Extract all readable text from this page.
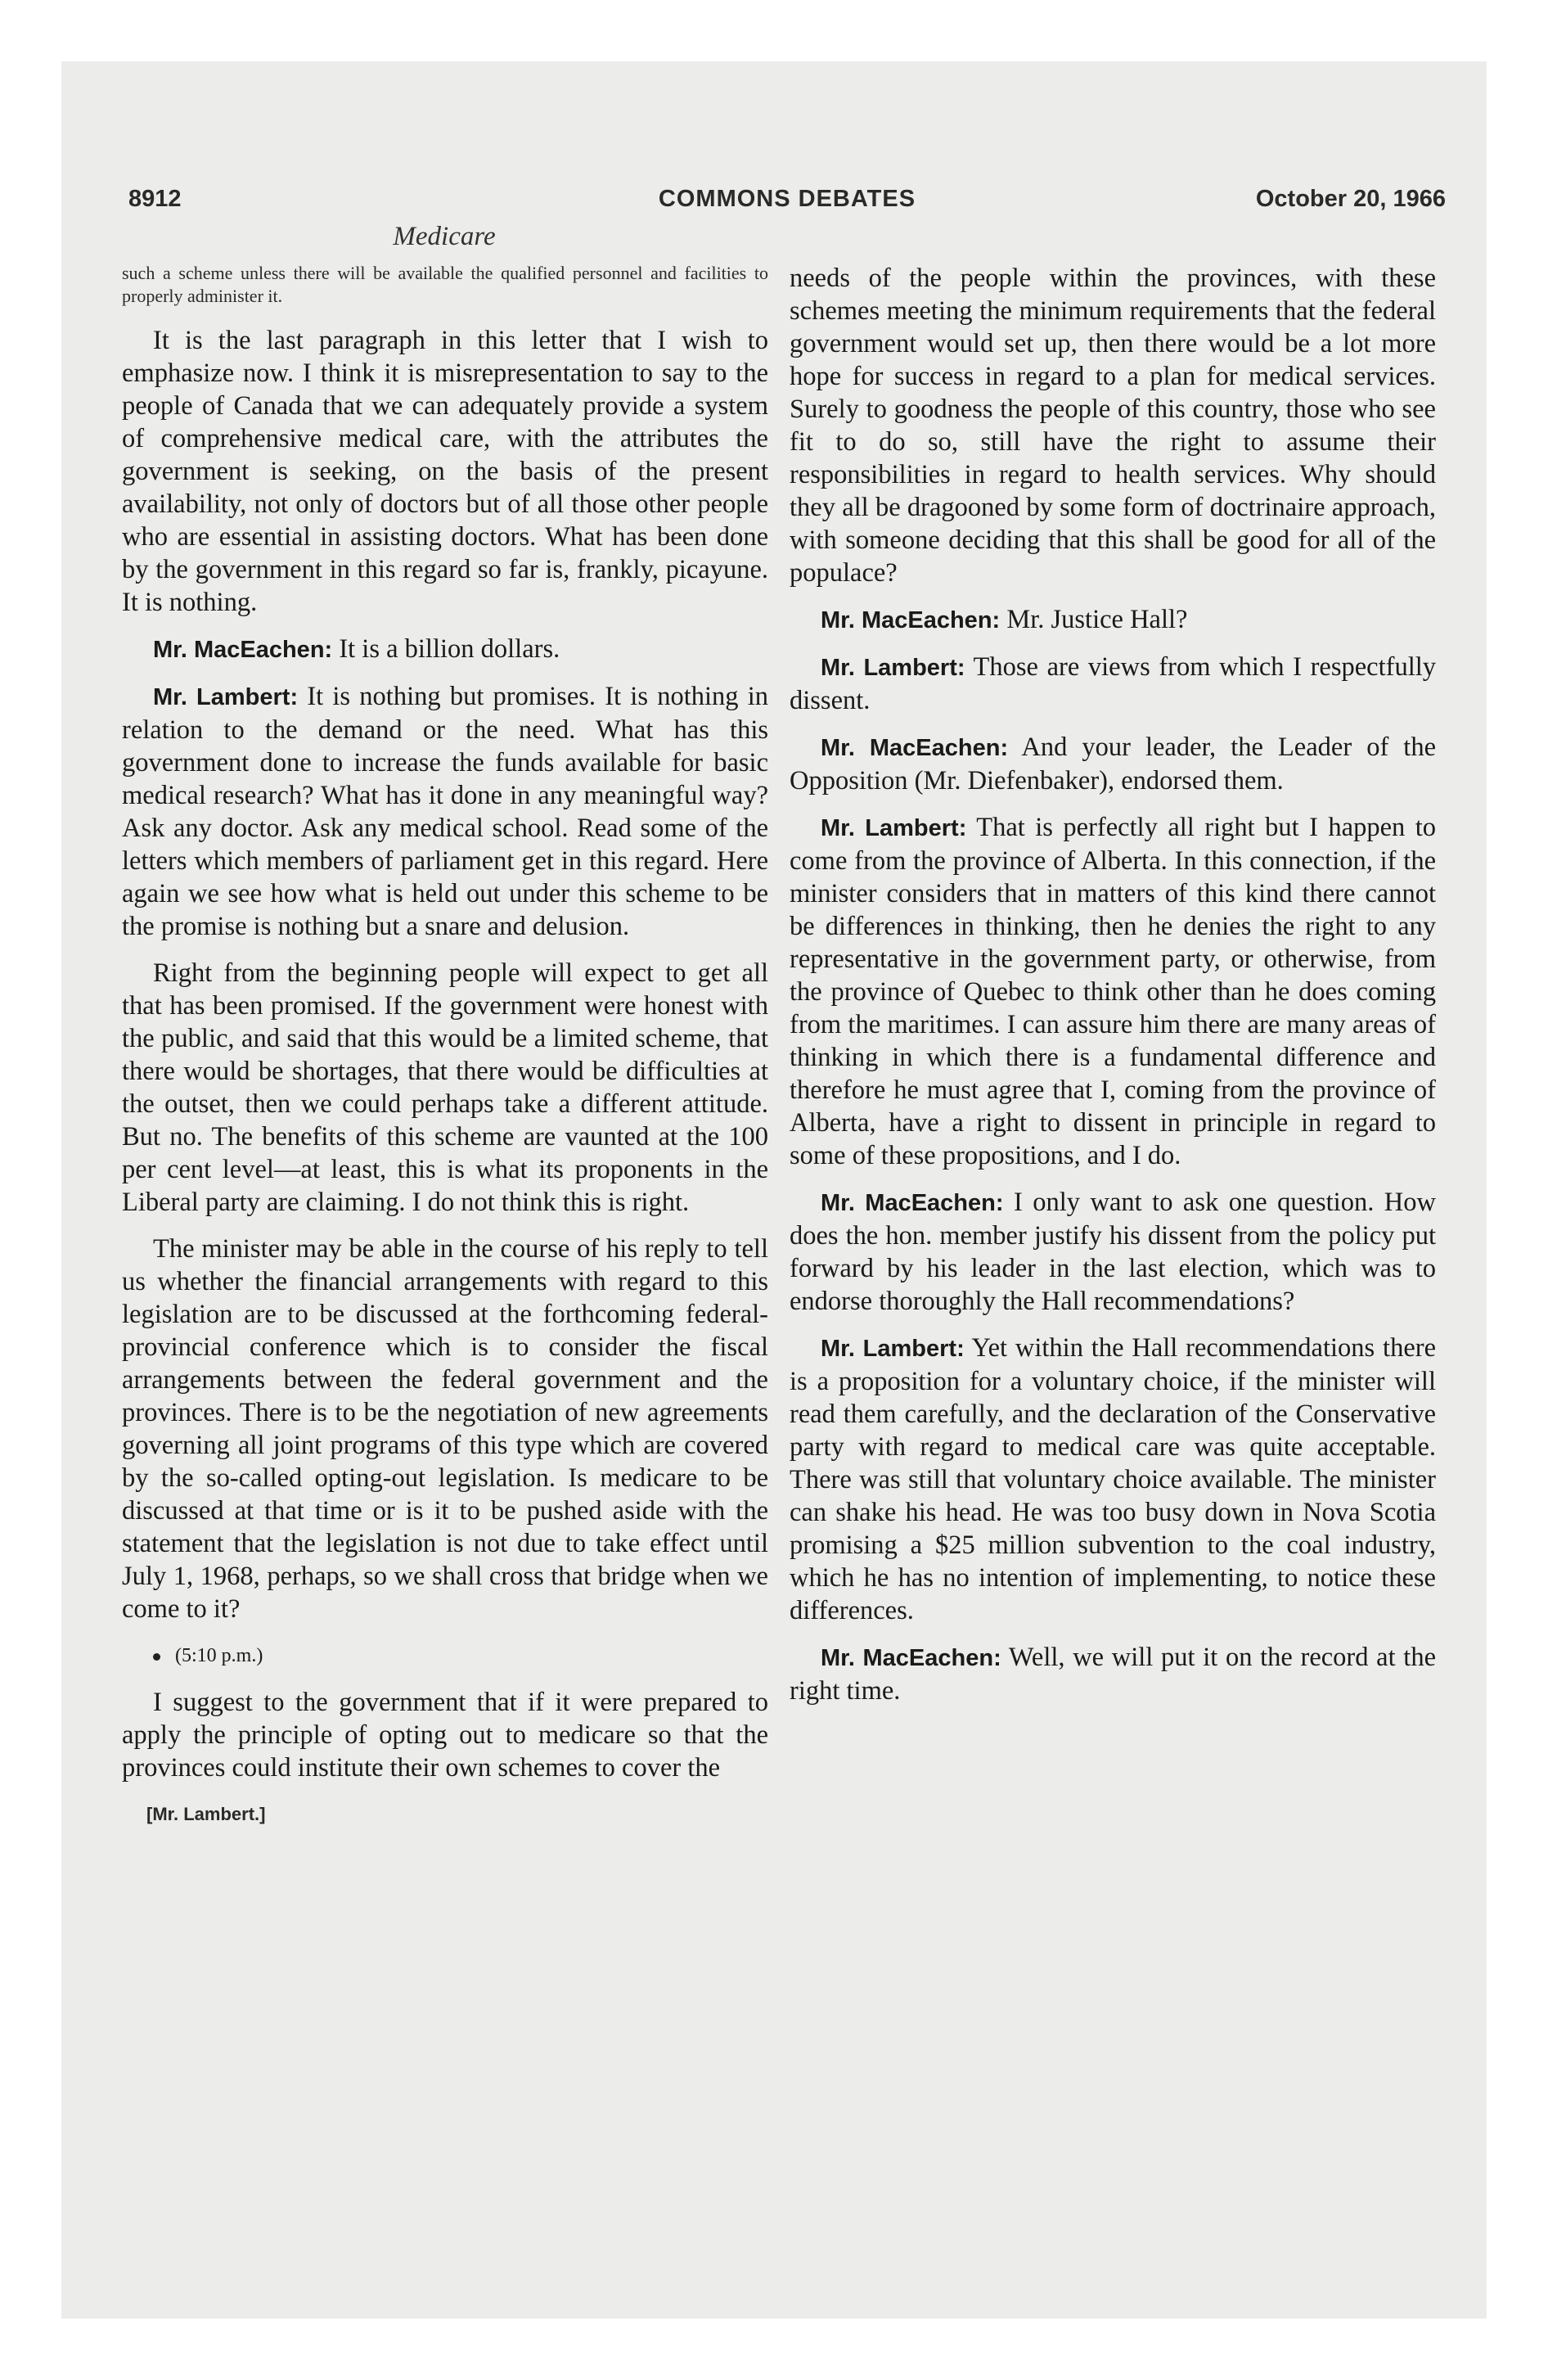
8912	COMMONS DEBATES	October 20, 1966
Medicare

such a scheme unless there will be available the qualified personnel and facilities to properly administer it.

It is the last paragraph in this letter that I wish to emphasize now. I think it is misrepresentation to say to the people of Canada that we can adequately provide a system of comprehensive medical care, with the attributes the government is seeking, on the basis of the present availability, not only of doctors but of all those other people who are essential in assisting doctors. What has been done by the government in this regard so far is, frankly, picayune. It is nothing.

Mr. MacEachen: It is a billion dollars.

Mr. Lambert: It is nothing but promises. It is nothing in relation to the demand or the need. What has this government done to increase the funds available for basic medical research? What has it done in any meaningful way? Ask any doctor. Ask any medical school. Read some of the letters which members of parliament get in this regard. Here again we see how what is held out under this scheme to be the promise is nothing but a snare and delusion.

Right from the beginning people will expect to get all that has been promised. If the government were honest with the public, and said that this would be a limited scheme, that there would be shortages, that there would be difficulties at the outset, then we could perhaps take a different attitude. But no. The benefits of this scheme are vaunted at the 100 per cent level—at least, this is what its proponents in the Liberal party are claiming. I do not think this is right.

The minister may be able in the course of his reply to tell us whether the financial arrangements with regard to this legislation are to be discussed at the forthcoming federal-provincial conference which is to consider the fiscal arrangements between the federal government and the provinces. There is to be the negotiation of new agreements governing all joint programs of this type which are covered by the so-called opting-out legislation. Is medicare to be discussed at that time or is it to be pushed aside with the statement that the legislation is not due to take effect until July 1, 1968, perhaps, so we shall cross that bridge when we come to it?

(5:10 p.m.)

I suggest to the government that if it were prepared to apply the principle of opting out to medicare so that the provinces could institute their own schemes to cover the

[Mr. Lambert.]

needs of the people within the provinces, with these schemes meeting the minimum requirements that the federal government would set up, then there would be a lot more hope for success in regard to a plan for medical services. Surely to goodness the people of this country, those who see fit to do so, still have the right to assume their responsibilities in regard to health services. Why should they all be dragooned by some form of doctrinaire approach, with someone deciding that this shall be good for all of the populace?

Mr. MacEachen: Mr. Justice Hall?

Mr. Lambert: Those are views from which I respectfully dissent.

Mr. MacEachen: And your leader, the Leader of the Opposition (Mr. Diefenbaker), endorsed them.

Mr. Lambert: That is perfectly all right but I happen to come from the province of Alberta. In this connection, if the minister considers that in matters of this kind there cannot be differences in thinking, then he denies the right to any representative in the government party, or otherwise, from the province of Quebec to think other than he does coming from the maritimes. I can assure him there are many areas of thinking in which there is a fundamental difference and therefore he must agree that I, coming from the province of Alberta, have a right to dissent in principle in regard to some of these propositions, and I do.

Mr. MacEachen: I only want to ask one question. How does the hon. member justify his dissent from the policy put forward by his leader in the last election, which was to endorse thoroughly the Hall recommendations?

Mr. Lambert: Yet within the Hall recommendations there is a proposition for a voluntary choice, if the minister will read them carefully, and the declaration of the Conservative party with regard to medical care was quite acceptable. There was still that voluntary choice available. The minister can shake his head. He was too busy down in Nova Scotia promising a $25 million subvention to the coal industry, which he has no intention of implementing, to notice these differences.

Mr. MacEachen: Well, we will put it on the record at the right time.
